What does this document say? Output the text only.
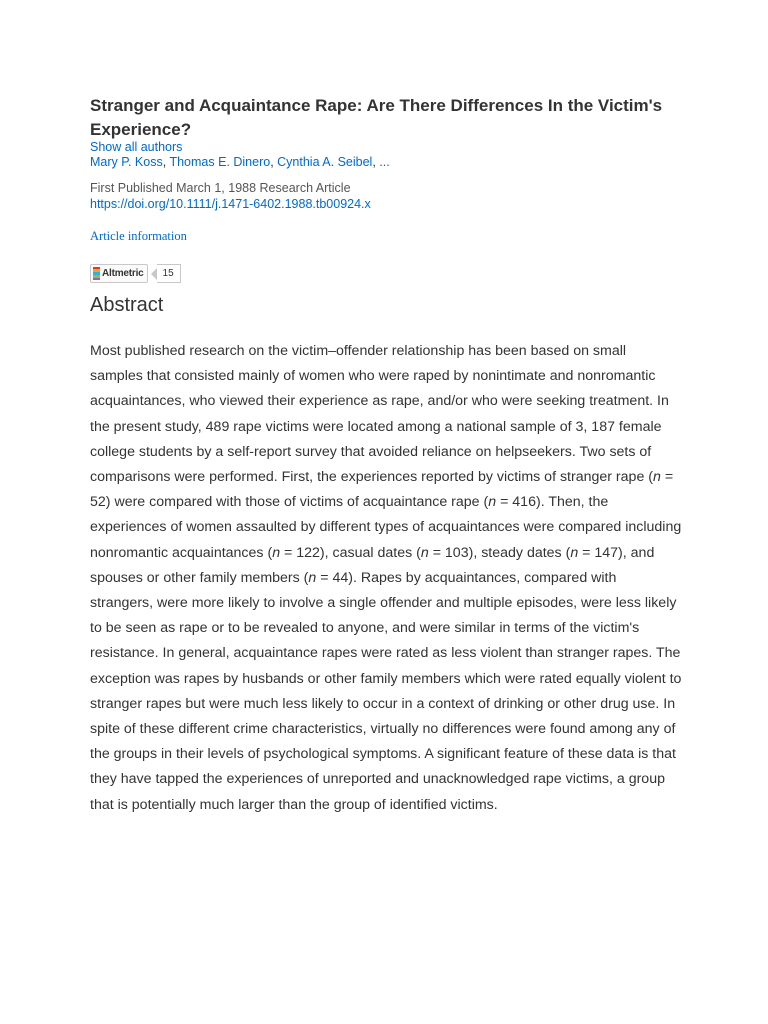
Stranger and Acquaintance Rape: Are There Differences In the Victim's Experience?
Show all authors
Mary P. Koss, Thomas E. Dinero, Cynthia A. Seibel, ...
First Published March 1, 1988 Research Article
https://doi.org/10.1111/j.1471-6402.1988.tb00924.x
Article information
Altmetric	15
Abstract

Most published research on the victim–offender relationship has been based on small samples that consisted mainly of women who were raped by nonintimate and nonromantic acquaintances, who viewed their experience as rape, and/or who were seeking treatment. In the present study, 489 rape victims were located among a national sample of 3, 187 female college students by a self-report survey that avoided reliance on helpseekers. Two sets of comparisons were performed. First, the experiences reported by victims of stranger rape (n = 52) were compared with those of victims of acquaintance rape (n = 416). Then, the experiences of women assaulted by different types of acquaintances were compared including nonromantic acquaintances (n = 122), casual dates (n = 103), steady dates (n = 147), and spouses or other family members (n = 44). Rapes by acquaintances, compared with strangers, were more likely to involve a single offender and multiple episodes, were less likely to be seen as rape or to be revealed to anyone, and were similar in terms of the victim's resistance. In general, acquaintance rapes were rated as less violent than stranger rapes. The exception was rapes by husbands or other family members which were rated equally violent to stranger rapes but were much less likely to occur in a context of drinking or other drug use. In spite of these different crime characteristics, virtually no differences were found among any of the groups in their levels of psychological symptoms. A significant feature of these data is that they have tapped the experiences of unreported and unacknowledged rape victims, a group that is potentially much larger than the group of identified victims.
